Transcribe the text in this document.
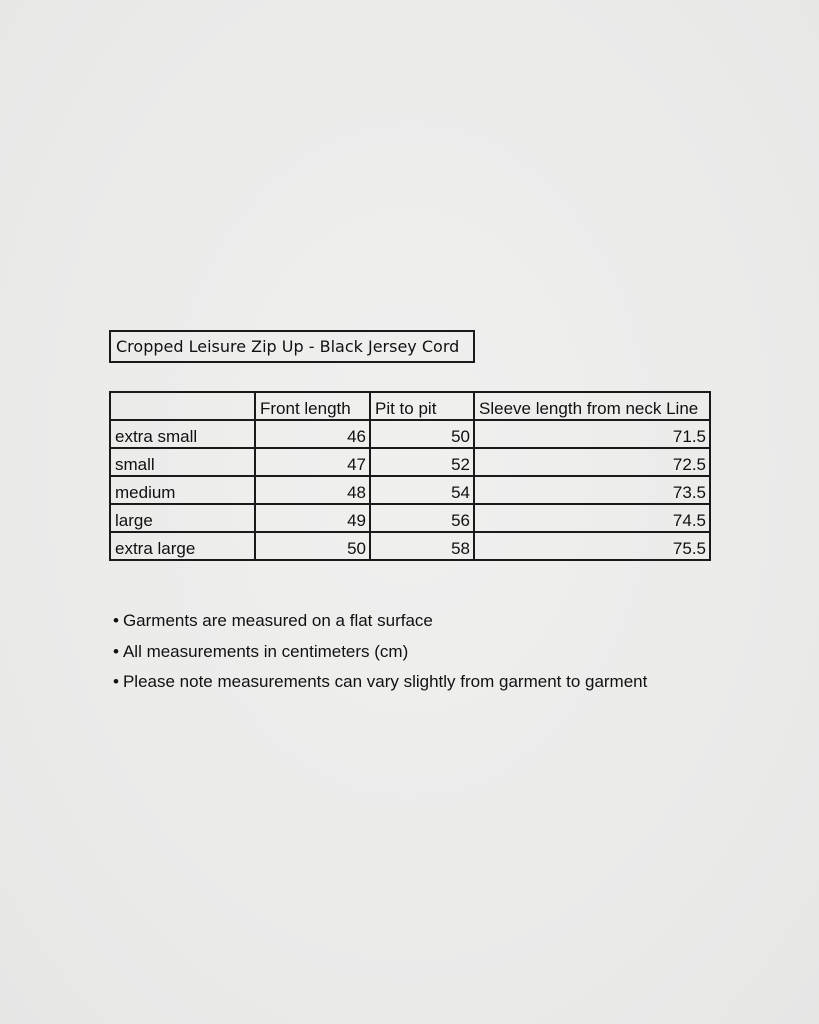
Cropped Leisure Zip Up - Black Jersey Cord
	Front length	Pit to pit	Sleeve length from neck Line
extra small	46	50	71.5
small	47	52	72.5
medium	48	54	73.5
large	49	56	74.5
extra large	50	58	75.5
• Garments are measured on a flat surface
• All measurements in centimeters (cm)
• Please note measurements can vary slightly from garment to garment
